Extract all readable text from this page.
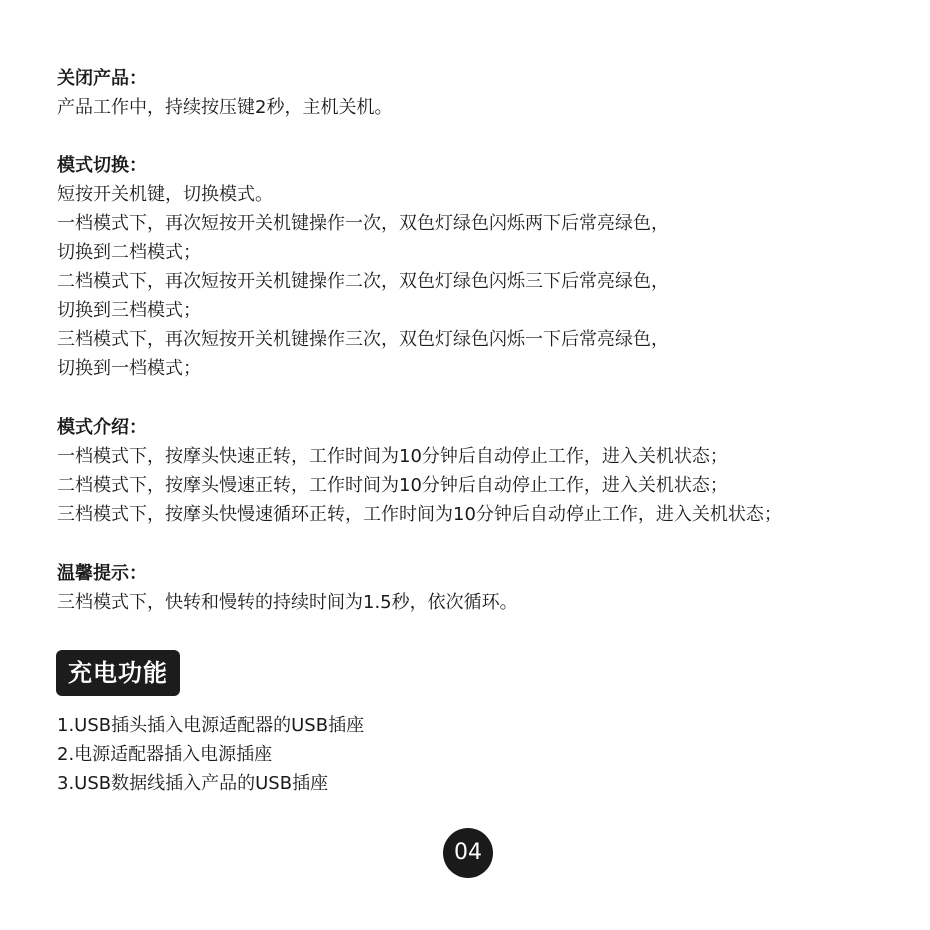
关闭产品：
产品工作中，持续按压键2秒，主机关机。
模式切换：
短按开关机键，切换模式。
一档模式下，再次短按开关机键操作一次，双色灯绿色闪烁两下后常亮绿色，
切换到二档模式；
二档模式下，再次短按开关机键操作二次，双色灯绿色闪烁三下后常亮绿色，
切换到三档模式；
三档模式下，再次短按开关机键操作三次，双色灯绿色闪烁一下后常亮绿色，
切换到一档模式；
模式介绍：
一档模式下，按摩头快速正转，工作时间为10分钟后自动停止工作，进入关机状态；
二档模式下，按摩头慢速正转，工作时间为10分钟后自动停止工作，进入关机状态；
三档模式下，按摩头快慢速循环正转，工作时间为10分钟后自动停止工作，进入关机状态；
温馨提示：
三档模式下，快转和慢转的持续时间为1.5秒，依次循环。
充电功能
1.USB插头插入电源适配器的USB插座
2.电源适配器插入电源插座
3.USB数据线插入产品的USB插座
04
